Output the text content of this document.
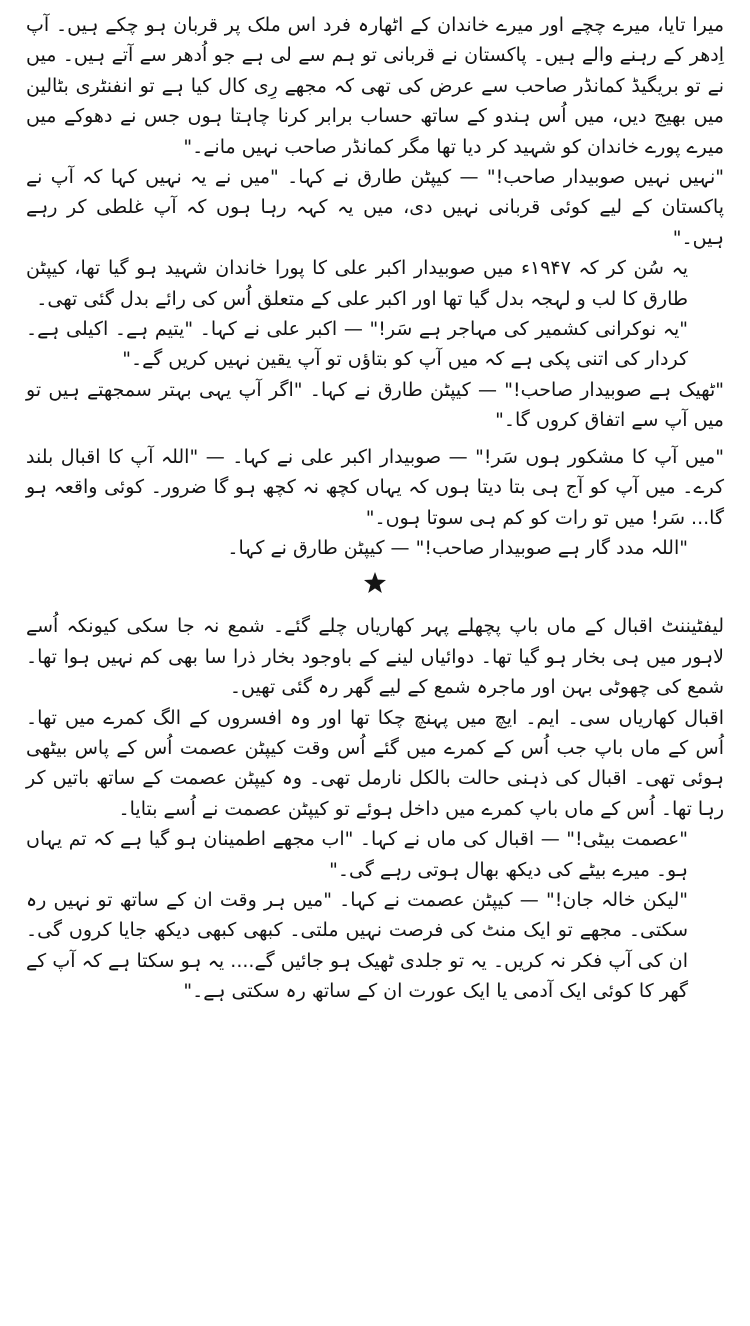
میرا تایا، میرے چچے اور میرے خاندان کے اٹھارہ فرد اس ملک پر قربان ہو چکے ہیں۔ آپ اِدھر کے رہنے والے ہیں۔ پاکستان نے قربانی تو ہم سے لی ہے جو اُدھر سے آتے ہیں۔ میں نے تو بریگیڈ کمانڈر صاحب سے عرض کی تھی کہ مجھے رِی کال کیا ہے تو انفنٹری بٹالین میں بھیج دیں، میں اُس ہندو کے ساتھ حساب برابر کرنا چاہتا ہوں جس نے دھوکے میں میرے پورے خاندان کو شہید کر دیا تھا مگر کمانڈر صاحب نہیں مانے۔"

"نہیں نہیں صوبیدار صاحب!" — کیپٹن طارق نے کہا۔ "میں نے یہ نہیں کہا کہ آپ نے پاکستان کے لیے کوئی قربانی نہیں دی، میں یہ کہہ رہا ہوں کہ آپ غلطی کر رہے ہیں۔"

یہ سُن کر کہ ۱۹۴۷ء میں صوبیدار اکبر علی کا پورا خاندان شہید ہو گیا تھا، کیپٹن طارق کا لب و لہجہ بدل گیا تھا اور اکبر علی کے متعلق اُس کی رائے بدل گئی تھی۔

"یہ نوکرانی کشمیر کی مہاجر ہے سَر!" — اکبر علی نے کہا۔ "یتیم ہے۔ اکیلی ہے۔ کردار کی اتنی پکی ہے کہ میں آپ کو بتاؤں تو آپ یقین نہیں کریں گے۔"

"ٹھیک ہے صوبیدار صاحب!" — کیپٹن طارق نے کہا۔ "اگر آپ یہی بہتر سمجھتے ہیں تو میں آپ سے اتفاق کروں گا۔"

"میں آپ کا مشکور ہوں سَر!" — صوبیدار اکبر علی نے کہا۔ — "اللہ آپ کا اقبال بلند کرے۔ میں آپ کو آج ہی بتا دیتا ہوں کہ یہاں کچھ نہ کچھ ہو گا ضرور۔ کوئی واقعہ ہو گا... سَر! میں تو رات کو کم ہی سوتا ہوں۔"

"اللہ مدد گار ہے صوبیدار صاحب!" — کیپٹن طارق نے کہا۔

لیفٹیننٹ اقبال کے ماں باپ پچھلے پہر کھاریاں چلے گئے۔ شمع نہ جا سکی کیونکہ اُسے لاہور میں ہی بخار ہو گیا تھا۔ دوائیاں لینے کے باوجود بخار ذرا سا بھی کم نہیں ہوا تھا۔ شمع کی چھوٹی بہن اور ماجرہ شمع کے لیے گھر رہ گئی تھیں۔

اقبال کھاریاں سی۔ ایم۔ ایچ میں پہنچ چکا تھا اور وہ افسروں کے الگ کمرے میں تھا۔ اُس کے ماں باپ جب اُس کے کمرے میں گئے اُس وقت کیپٹن عصمت اُس کے پاس بیٹھی ہوئی تھی۔ اقبال کی ذہنی حالت بالکل نارمل تھی۔ وہ کیپٹن عصمت کے ساتھ باتیں کر رہا تھا۔ اُس کے ماں باپ کمرے میں داخل ہوئے تو کیپٹن عصمت نے اُسے بتایا۔

"عصمت بیٹی!" — اقبال کی ماں نے کہا۔ "اب مجھے اطمینان ہو گیا ہے کہ تم یہاں ہو۔ میرے بیٹے کی دیکھ بھال ہوتی رہے گی۔"

"لیکن خالہ جان!" — کیپٹن عصمت نے کہا۔ "میں ہر وقت ان کے ساتھ تو نہیں رہ سکتی۔ مجھے تو ایک منٹ کی فرصت نہیں ملتی۔ کبھی کبھی دیکھ جایا کروں گی۔ ان کی آپ فکر نہ کریں۔ یہ تو جلدی ٹھیک ہو جائیں گے.... یہ ہو سکتا ہے کہ آپ کے گھر کا کوئی ایک آدمی یا ایک عورت ان کے ساتھ رہ سکتی ہے۔"
